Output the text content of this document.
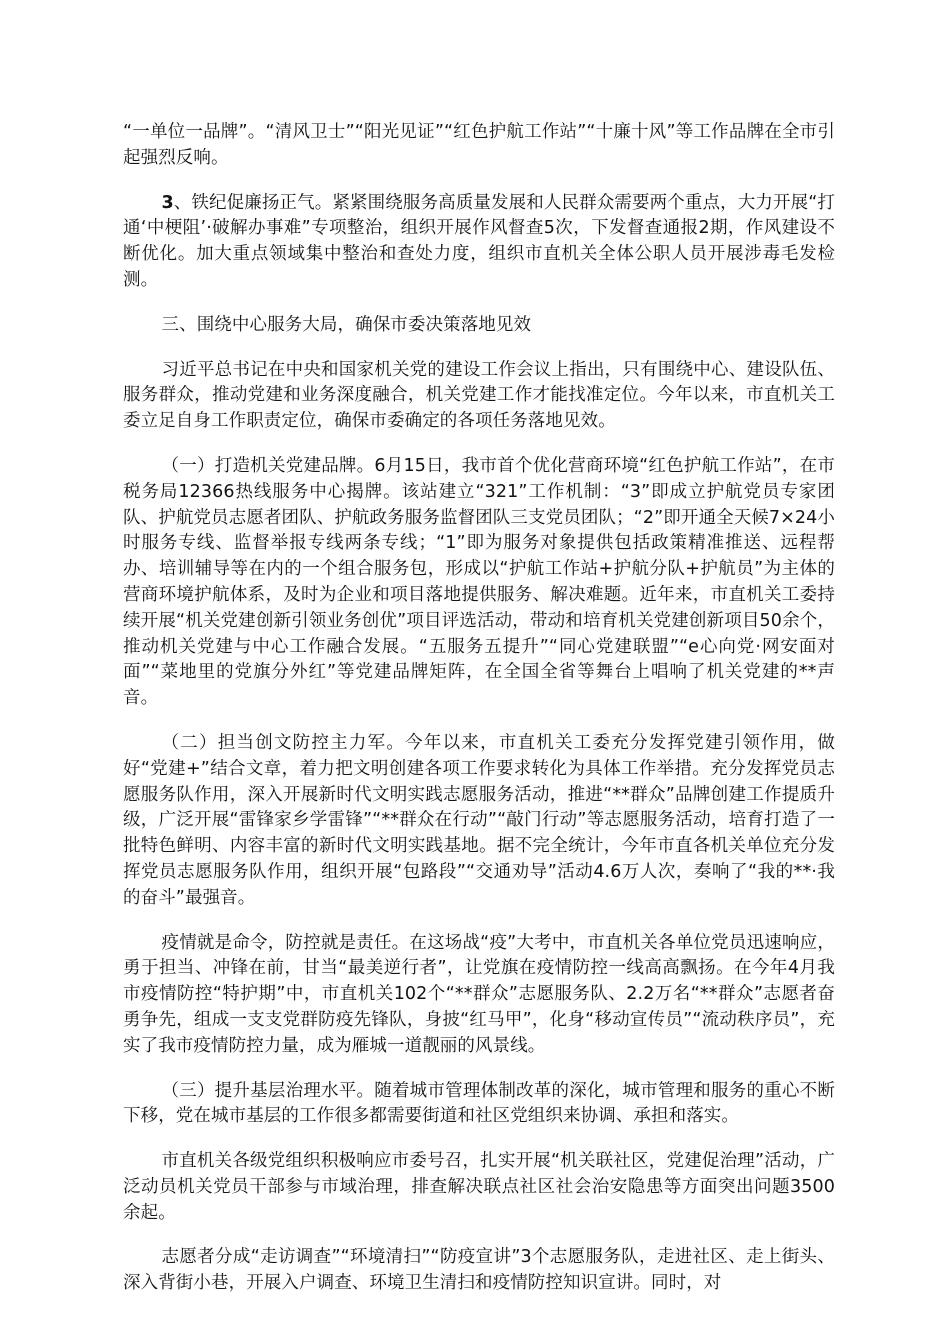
“一单位一品牌”。“清风卫士”“阳光见证”“红色护航工作站”“十廉十风”等工作品牌在全市引起强烈反响。

3、铁纪促廉扬正气。紧紧围绕服务高质量发展和人民群众需要两个重点，大力开展“打通‘中梗阻’·破解办事难”专项整治，组织开展作风督查5次，下发督查通报2期，作风建设不断优化。加大重点领域集中整治和查处力度，组织市直机关全体公职人员开展涉毒毛发检测。

三、围绕中心服务大局，确保市委决策落地见效

习近平总书记在中央和国家机关党的建设工作会议上指出，只有围绕中心、建设队伍、服务群众，推动党建和业务深度融合，机关党建工作才能找准定位。今年以来，市直机关工委立足自身工作职责定位，确保市委确定的各项任务落地见效。

（一）打造机关党建品牌。6月15日，我市首个优化营商环境“红色护航工作站”，在市税务局12366热线服务中心揭牌。该站建立“321”工作机制：“3”即成立护航党员专家团队、护航党员志愿者团队、护航政务服务监督团队三支党员团队；“2”即开通全天候7×24小时服务专线、监督举报专线两条专线；“1”即为服务对象提供包括政策精准推送、远程帮办、培训辅导等在内的一个组合服务包，形成以“护航工作站+护航分队+护航员”为主体的营商环境护航体系，及时为企业和项目落地提供服务、解决难题。近年来，市直机关工委持续开展“机关党建创新引领业务创优”项目评选活动，带动和培育机关党建创新项目50余个，推动机关党建与中心工作融合发展。“五服务五提升”“同心党建联盟”“e心向党·网安面对面”“菜地里的党旗分外红”等党建品牌矩阵，在全国全省等舞台上唱响了机关党建的**声音。

（二）担当创文防控主力军。今年以来，市直机关工委充分发挥党建引领作用，做好“党建+”结合文章，着力把文明创建各项工作要求转化为具体工作举措。充分发挥党员志愿服务队作用，深入开展新时代文明实践志愿服务活动，推进“**群众”品牌创建工作提质升级，广泛开展“雷锋家乡学雷锋”“**群众在行动”“敲门行动”等志愿服务活动，培育打造了一批特色鲜明、内容丰富的新时代文明实践基地。据不完全统计，今年市直各机关单位充分发挥党员志愿服务队作用，组织开展“包路段”“交通劝导”活动4.6万人次，奏响了“我的**·我的奋斗”最强音。

疫情就是命令，防控就是责任。在这场战“疫”大考中，市直机关各单位党员迅速响应，勇于担当、冲锋在前，甘当“最美逆行者”，让党旗在疫情防控一线高高飘扬。在今年4月我市疫情防控“特护期”中，市直机关102个“**群众”志愿服务队、2.2万名“**群众”志愿者奋勇争先，组成一支支党群防疫先锋队，身披“红马甲”，化身“移动宣传员”“流动秩序员”，充实了我市疫情防控力量，成为雁城一道靓丽的风景线。

（三）提升基层治理水平。随着城市管理体制改革的深化，城市管理和服务的重心不断下移，党在城市基层的工作很多都需要街道和社区党组织来协调、承担和落实。

市直机关各级党组织积极响应市委号召，扎实开展“机关联社区，党建促治理”活动，广泛动员机关党员干部参与市域治理，排查解决联点社区社会治安隐患等方面突出问题3500余起。

志愿者分成“走访调查”“环境清扫”“防疫宣讲”3个志愿服务队，走进社区、走上街头、深入背街小巷，开展入户调查、环境卫生清扫和疫情防控知识宣讲。同时，对
